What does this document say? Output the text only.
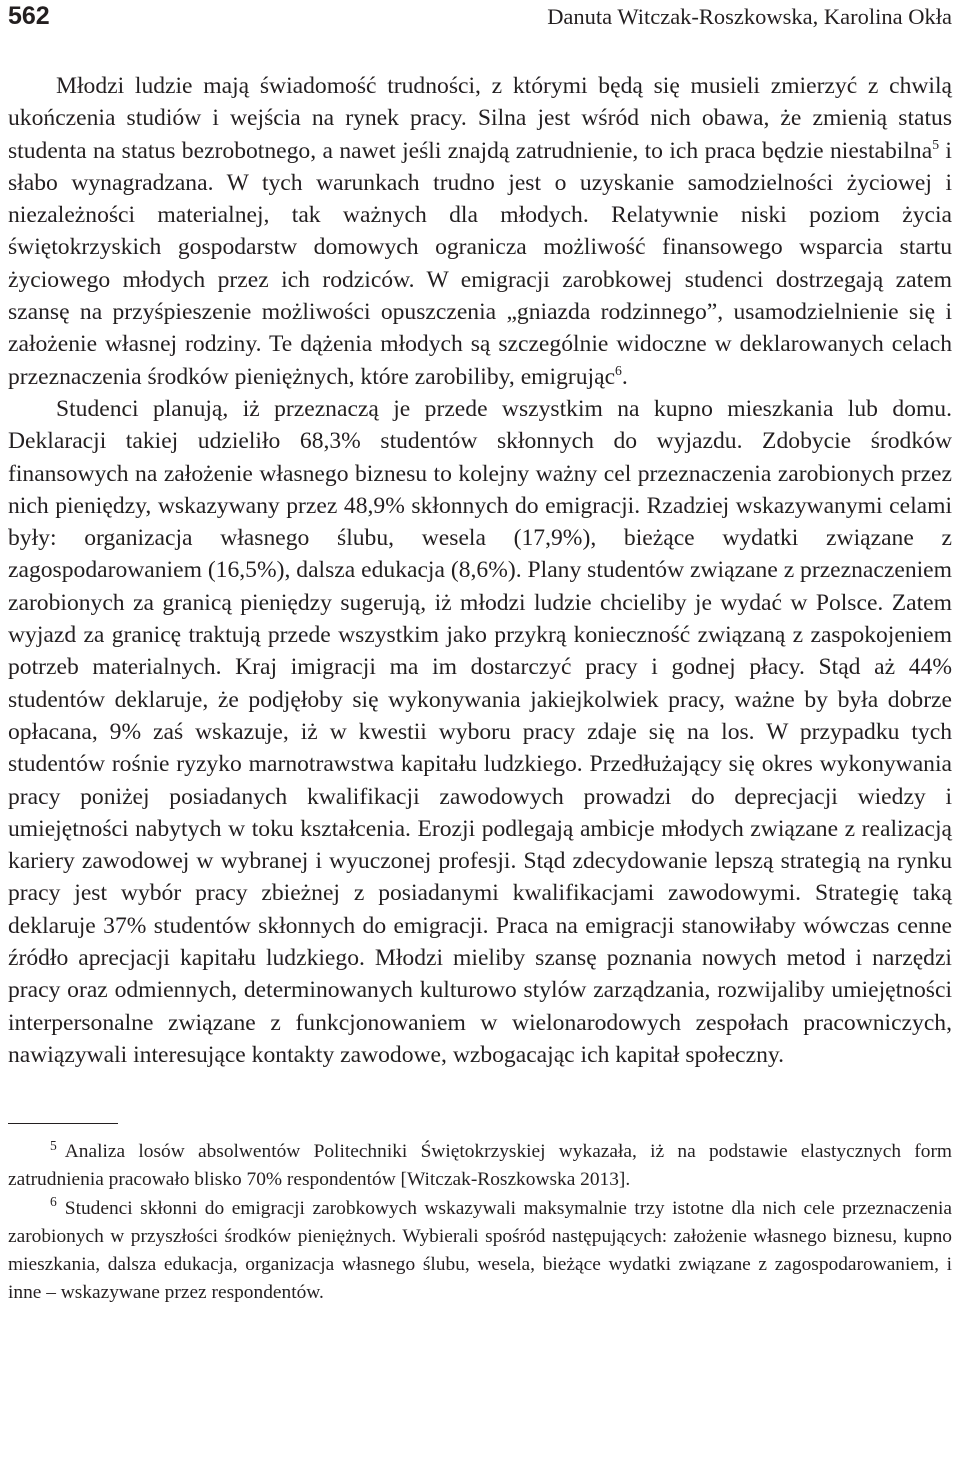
562	Danuta Witczak-Roszkowska, Karolina Okła

Młodzi ludzie mają świadomość trudności, z którymi będą się musieli zmierzyć z chwilą ukończenia studiów i wejścia na rynek pracy. Silna jest wśród nich obawa, że zmienią status studenta na status bezrobotnego, a nawet jeśli znajdą zatrudnienie, to ich praca będzie niestabilna$^5$ i słabo wynagradzana. W tych warunkach trudno jest o uzyskanie samodzielności życiowej i niezależności materialnej, tak ważnych dla młodych. Relatywnie niski poziom życia świętokrzyskich gospodarstw domowych ogranicza możliwość finansowego wsparcia startu życiowego młodych przez ich rodziców. W emigracji zarobkowej studenci dostrzegają zatem szansę na przyśpieszenie możliwości opuszczenia „gniazda rodzinnego”, usamodzielnienie się i założenie własnej rodziny. Te dążenia młodych są szczególnie widoczne w deklarowanych celach przeznaczenia środków pieniężnych, które zarobiliby, emigrując$^6$.

Studenci planują, iż przeznaczą je przede wszystkim na kupno mieszkania lub domu. Deklaracji takiej udzieliło 68,3% studentów skłonnych do wyjazdu. Zdobycie środków finansowych na założenie własnego biznesu to kolejny ważny cel przeznaczenia zarobionych przez nich pieniędzy, wskazywany przez 48,9% skłonnych do emigracji. Rzadziej wskazywanymi celami były: organizacja własnego ślubu, wesela (17,9%), bieżące wydatki związane z zagospodarowaniem (16,5%), dalsza edukacja (8,6%). Plany studentów związane z przeznaczeniem zarobionych za granicą pieniędzy sugerują, iż młodzi ludzie chcieliby je wydać w Polsce. Zatem wyjazd za granicę traktują przede wszystkim jako przykrą konieczność związaną z zaspokojeniem potrzeb materialnych. Kraj imigracji ma im dostarczyć pracy i godnej płacy. Stąd aż 44% studentów deklaruje, że podjęłoby się wykonywania jakiejkolwiek pracy, ważne by była dobrze opłacana, 9% zaś wskazuje, iż w kwestii wyboru pracy zdaje się na los. W przypadku tych studentów rośnie ryzyko marnotrawstwa kapitału ludzkiego. Przedłużający się okres wykonywania pracy poniżej posiadanych kwalifikacji zawodowych prowadzi do deprecjacji wiedzy i umiejętności nabytych w toku kształcenia. Erozji podlegają ambicje młodych związane z realizacją kariery zawodowej w wybranej i wyuczonej profesji. Stąd zdecydowanie lepszą strategią na rynku pracy jest wybór pracy zbieżnej z posiadanymi kwalifikacjami zawodowymi. Strategię taką deklaruje 37% studentów skłonnych do emigracji. Praca na emigracji stanowiłaby wówczas cenne źródło aprecjacji kapitału ludzkiego. Młodzi mieliby szansę poznania nowych metod i narzędzi pracy oraz odmiennych, determinowanych kulturowo stylów zarządzania, rozwijaliby umiejętności interpersonalne związane z funkcjonowaniem w wielonarodowych zespołach pracowniczych, nawiązywali interesujące kontakty zawodowe, wzbogacając ich kapitał społeczny.

$^5$ Analiza losów absolwentów Politechniki Świętokrzyskiej wykazała, iż na podstawie elastycznych form zatrudnienia pracowało blisko 70% respondentów [Witczak-Roszkowska 2013].

$^6$ Studenci skłonni do emigracji zarobkowych wskazywali maksymalnie trzy istotne dla nich cele przeznaczenia zarobionych w przyszłości środków pieniężnych. Wybierali spośród następujących: założenie własnego biznesu, kupno mieszkania, dalsza edukacja, organizacja własnego ślubu, wesela, bieżące wydatki związane z zagospodarowaniem, i inne – wskazywane przez respondentów.
